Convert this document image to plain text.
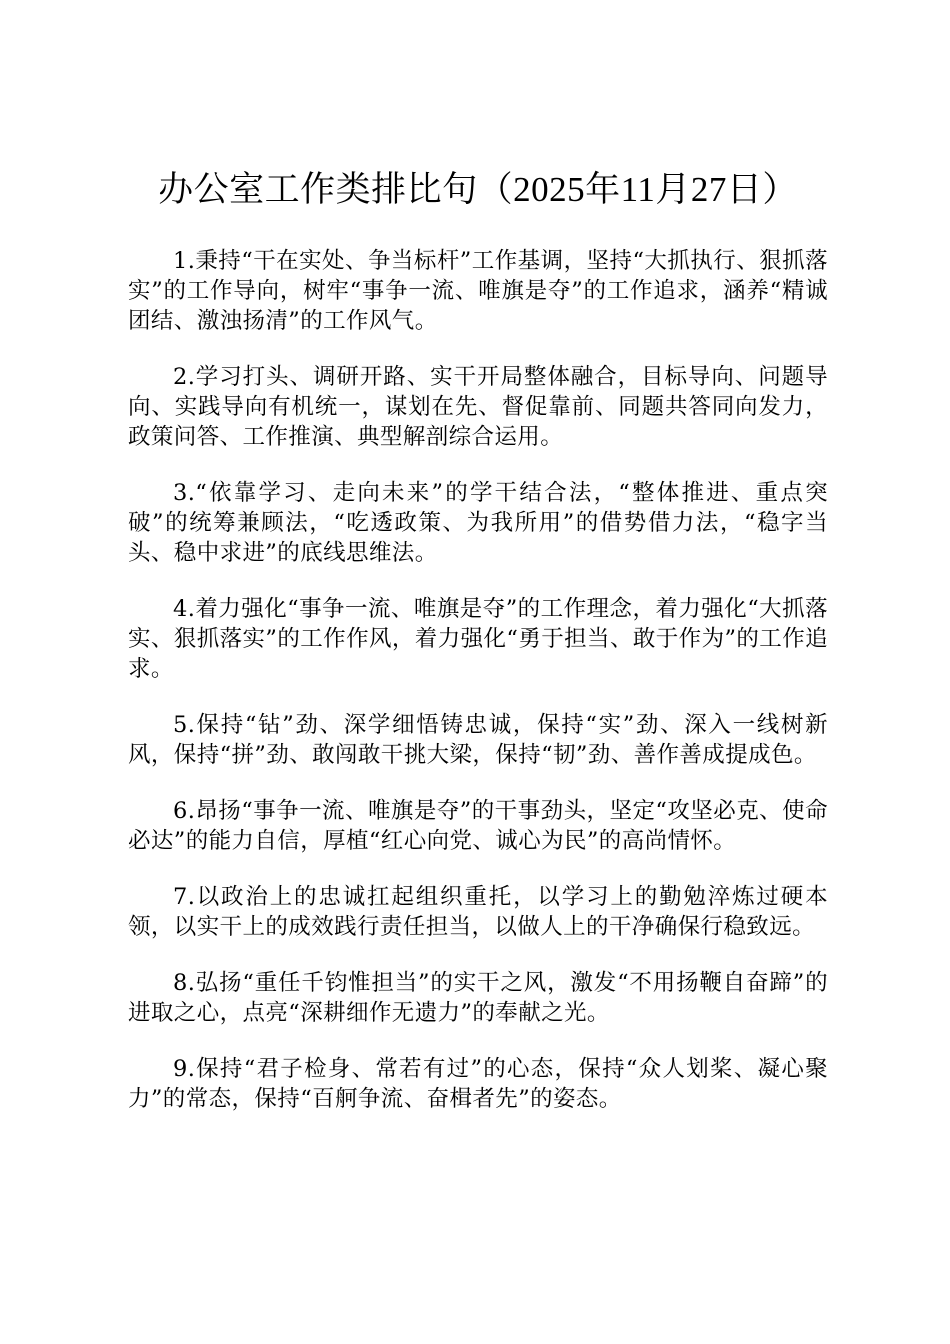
办公室工作类排比句（2025年11月27日）

1.秉持“干在实处、争当标杆”工作基调，坚持“大抓执行、狠抓落实”的工作导向，树牢“事争一流、唯旗是夺”的工作追求，涵养“精诚团结、激浊扬清”的工作风气。

2.学习打头、调研开路、实干开局整体融合，目标导向、问题导向、实践导向有机统一，谋划在先、督促靠前、同题共答同向发力，政策问答、工作推演、典型解剖综合运用。

3.“依靠学习、走向未来”的学干结合法，“整体推进、重点突破”的统筹兼顾法，“吃透政策、为我所用”的借势借力法，“稳字当头、稳中求进”的底线思维法。

4.着力强化“事争一流、唯旗是夺”的工作理念，着力强化“大抓落实、狠抓落实”的工作作风，着力强化“勇于担当、敢于作为”的工作追求。

5.保持“钻”劲、深学细悟铸忠诚，保持“实”劲、深入一线树新风，保持“拼”劲、敢闯敢干挑大梁，保持“韧”劲、善作善成提成色。

6.昂扬“事争一流、唯旗是夺”的干事劲头，坚定“攻坚必克、使命必达”的能力自信，厚植“红心向党、诚心为民”的高尚情怀。

7.以政治上的忠诚扛起组织重托，以学习上的勤勉淬炼过硬本领，以实干上的成效践行责任担当，以做人上的干净确保行稳致远。

8.弘扬“重任千钧惟担当”的实干之风，激发“不用扬鞭自奋蹄”的进取之心，点亮“深耕细作无遗力”的奉献之光。

9.保持“君子检身、常若有过”的心态，保持“众人划桨、凝心聚力”的常态，保持“百舸争流、奋楫者先”的姿态。
